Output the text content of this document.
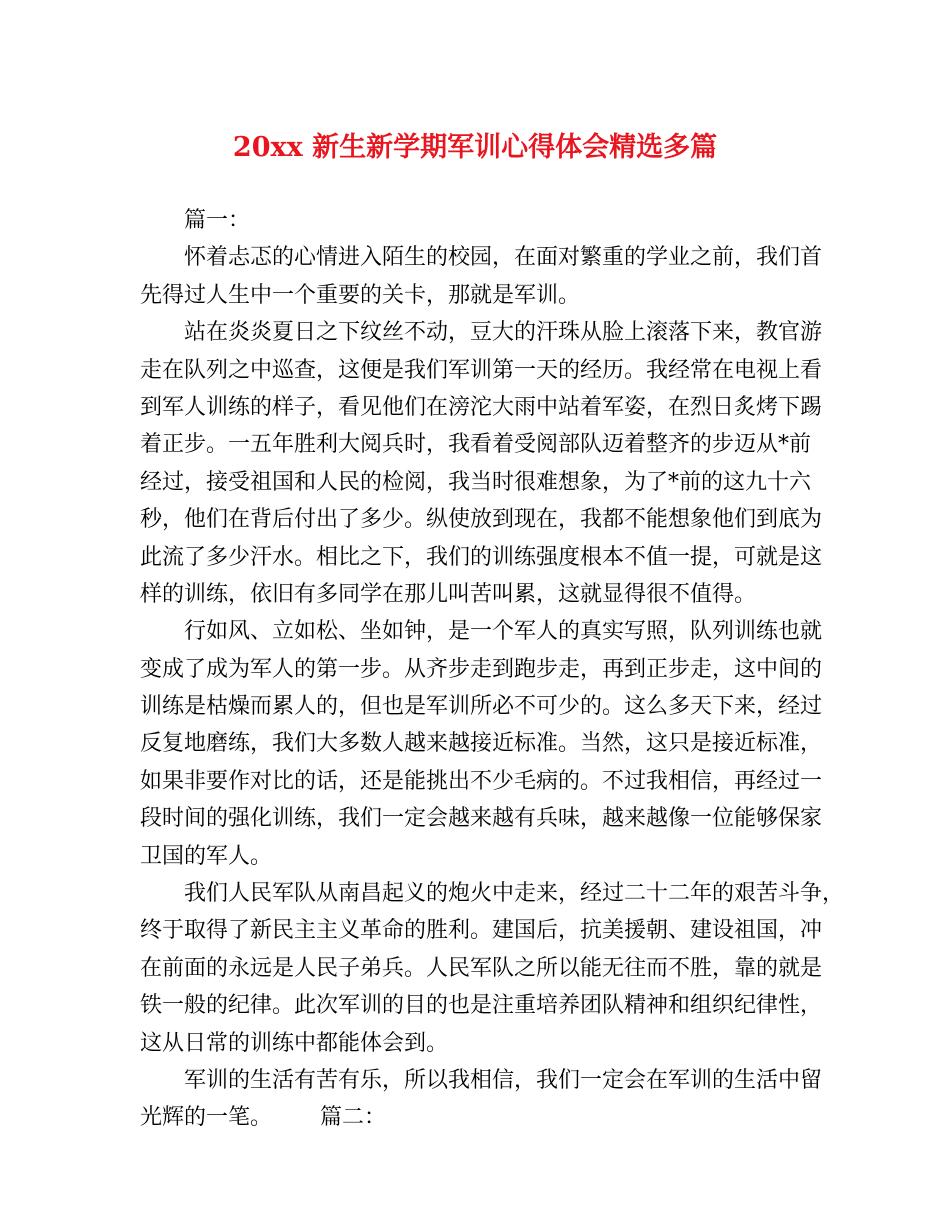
20xx 新生新学期军训心得体会精选多篇

篇一：

怀着忐忑的心情进入陌生的校园，在面对繁重的学业之前，我们首
先得过人生中一个重要的关卡，那就是军训。

站在炎炎夏日之下纹丝不动，豆大的汗珠从脸上滚落下来，教官游
走在队列之中巡查，这便是我们军训第一天的经历。我经常在电视上看
到军人训练的样子，看见他们在滂沱大雨中站着军姿，在烈日炙烤下踢
着正步。一五年胜利大阅兵时，我看着受阅部队迈着整齐的步迈从*前
经过，接受祖国和人民的检阅，我当时很难想象，为了*前的这九十六
秒，他们在背后付出了多少。纵使放到现在，我都不能想象他们到底为
此流了多少汗水。相比之下，我们的训练强度根本不值一提，可就是这
样的训练，依旧有多同学在那儿叫苦叫累，这就显得很不值得。

行如风、立如松、坐如钟，是一个军人的真实写照，队列训练也就
变成了成为军人的第一步。从齐步走到跑步走，再到正步走，这中间的
训练是枯燥而累人的，但也是军训所必不可少的。这么多天下来，经过
反复地磨练，我们大多数人越来越接近标准。当然，这只是接近标准，
如果非要作对比的话，还是能挑出不少毛病的。不过我相信，再经过一
段时间的强化训练，我们一定会越来越有兵味，越来越像一位能够保家
卫国的军人。

我们人民军队从南昌起义的炮火中走来，经过二十二年的艰苦斗争，
终于取得了新民主主义革命的胜利。建国后，抗美援朝、建设祖国，冲
在前面的永远是人民子弟兵。人民军队之所以能无往而不胜，靠的就是
铁一般的纪律。此次军训的目的也是注重培养团队精神和组织纪律性，
这从日常的训练中都能体会到。

军训的生活有苦有乐，所以我相信，我们一定会在军训的生活中留
光辉的一笔。 篇二：
